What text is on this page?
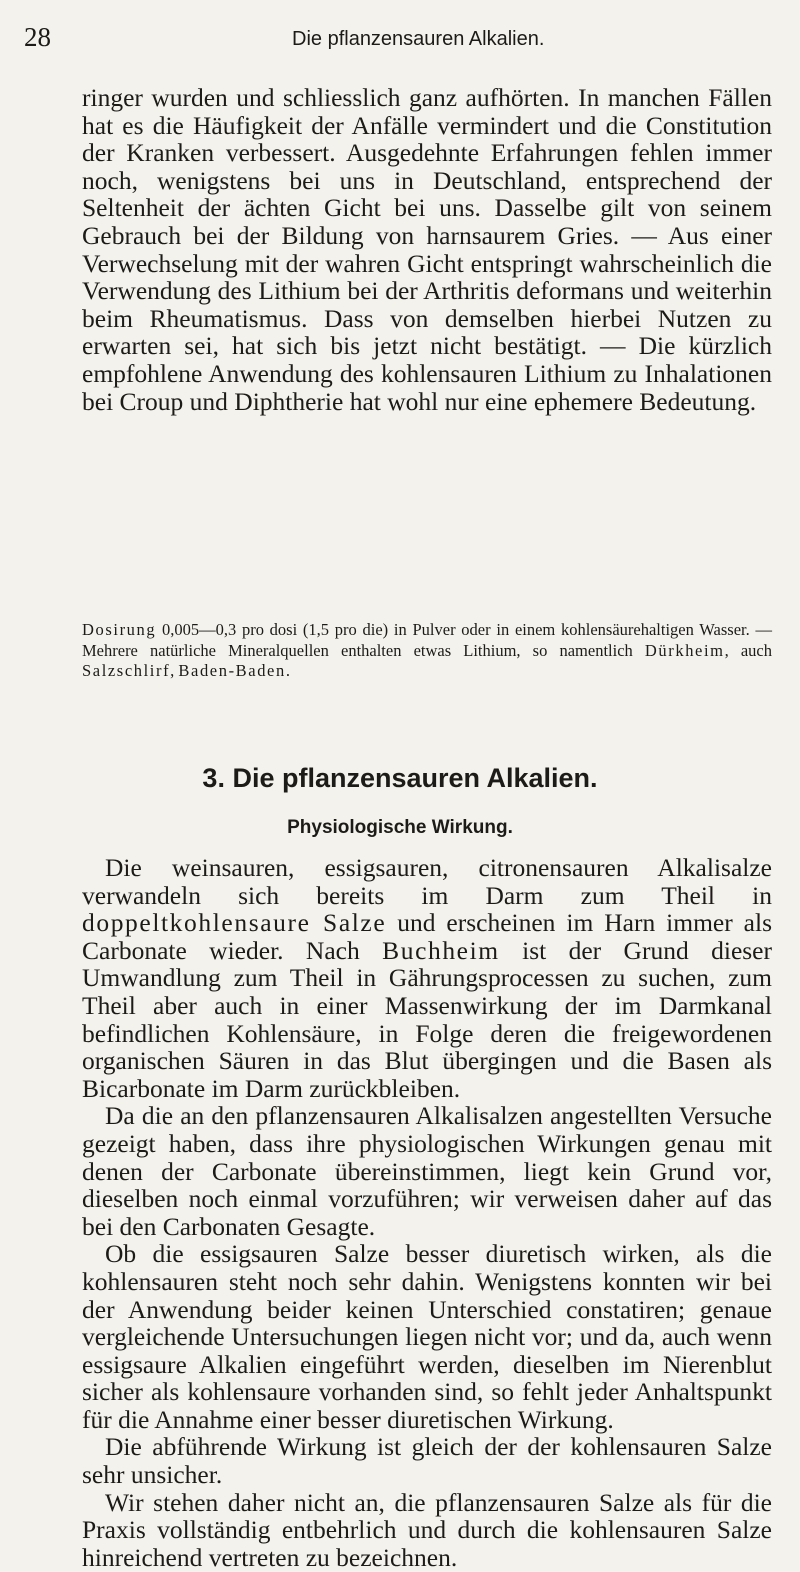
28	Die pflanzensauren Alkalien.

ringer wurden und schliesslich ganz aufhörten. In manchen Fällen hat es die Häufigkeit der Anfälle vermindert und die Constitution der Kranken verbessert. Ausgedehnte Erfahrungen fehlen immer noch, wenigstens bei uns in Deutschland, entsprechend der Seltenheit der ächten Gicht bei uns. Dasselbe gilt von seinem Gebrauch bei der Bildung von harnsaurem Gries. — Aus einer Verwechselung mit der wahren Gicht entspringt wahrscheinlich die Verwendung des Lithium bei der Arthritis deformans und weiterhin beim Rheumatismus. Dass von demselben hierbei Nutzen zu erwarten sei, hat sich bis jetzt nicht bestätigt. — Die kürzlich empfohlene Anwendung des kohlensauren Lithium zu Inhalationen bei Croup und Diphtherie hat wohl nur eine ephemere Bedeutung.

Dosirung 0,005—0,3 pro dosi (1,5 pro die) in Pulver oder in einem kohlensäurehaltigen Wasser. — Mehrere natürliche Mineralquellen enthalten etwas Lithium, so namentlich Dürkheim, auch Salzschlirf, Baden-Baden.
3. Die pflanzensauren Alkalien.
Physiologische Wirkung.

Die weinsauren, essigsauren, citronensauren Alkalisalze verwandeln sich bereits im Darm zum Theil in doppeltkohlensaure Salze und erscheinen im Harn immer als Carbonate wieder. Nach Buchheim ist der Grund dieser Umwandlung zum Theil in Gährungsprocessen zu suchen, zum Theil aber auch in einer Massenwirkung der im Darmkanal befindlichen Kohlensäure, in Folge deren die freigewordenen organischen Säuren in das Blut übergingen und die Basen als Bicarbonate im Darm zurückbleiben.

Da die an den pflanzensauren Alkalisalzen angestellten Versuche gezeigt haben, dass ihre physiologischen Wirkungen genau mit denen der Carbonate übereinstimmen, liegt kein Grund vor, dieselben noch einmal vorzuführen; wir verweisen daher auf das bei den Carbonaten Gesagte.

Ob die essigsauren Salze besser diuretisch wirken, als die kohlensauren steht noch sehr dahin. Wenigstens konnten wir bei der Anwendung beider keinen Unterschied constatiren; genaue vergleichende Untersuchungen liegen nicht vor; und da, auch wenn essigsaure Alkalien eingeführt werden, dieselben im Nierenblut sicher als kohlensaure vorhanden sind, so fehlt jeder Anhaltspunkt für die Annahme einer besser diuretischen Wirkung.

Die abführende Wirkung ist gleich der der kohlensauren Salze sehr unsicher.

Wir stehen daher nicht an, die pflanzensauren Salze als für die Praxis vollständig entbehrlich und durch die kohlensauren Salze hinreichend vertreten zu bezeichnen.
